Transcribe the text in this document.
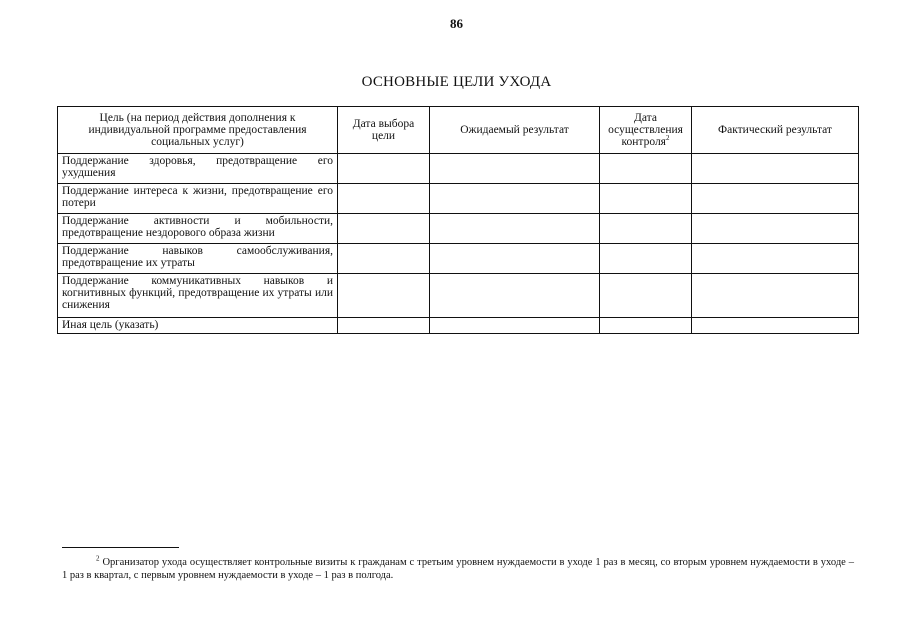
86
ОСНОВНЫЕ ЦЕЛИ УХОДА
Цель (на период действия дополнения к индивидуальной программе предоставления социальных услуг)	Дата выбора цели	Ожидаемый результат	Дата осуществления контроля$^2$	Фактический результат
Поддержание здоровья, предотвращение его ухудшения				
Поддержание интереса к жизни, предотвращение его потери				
Поддержание активности и мобильности, предотвращение нездорового образа жизни				
Поддержание навыков самообслуживания, предотвращение их утраты				
Поддержание коммуникативных навыков и когнитивных функций, предотвращение их утраты или снижения				
Иная цель (указать)				
$^2$ Организатор ухода осуществляет контрольные визиты к гражданам с третьим уровнем нуждаемости в уходе 1 раз в месяц, со вторым уровнем нуждаемости в уходе – 1 раз в квартал, с первым уровнем нуждаемости в уходе – 1 раз в полгода.
